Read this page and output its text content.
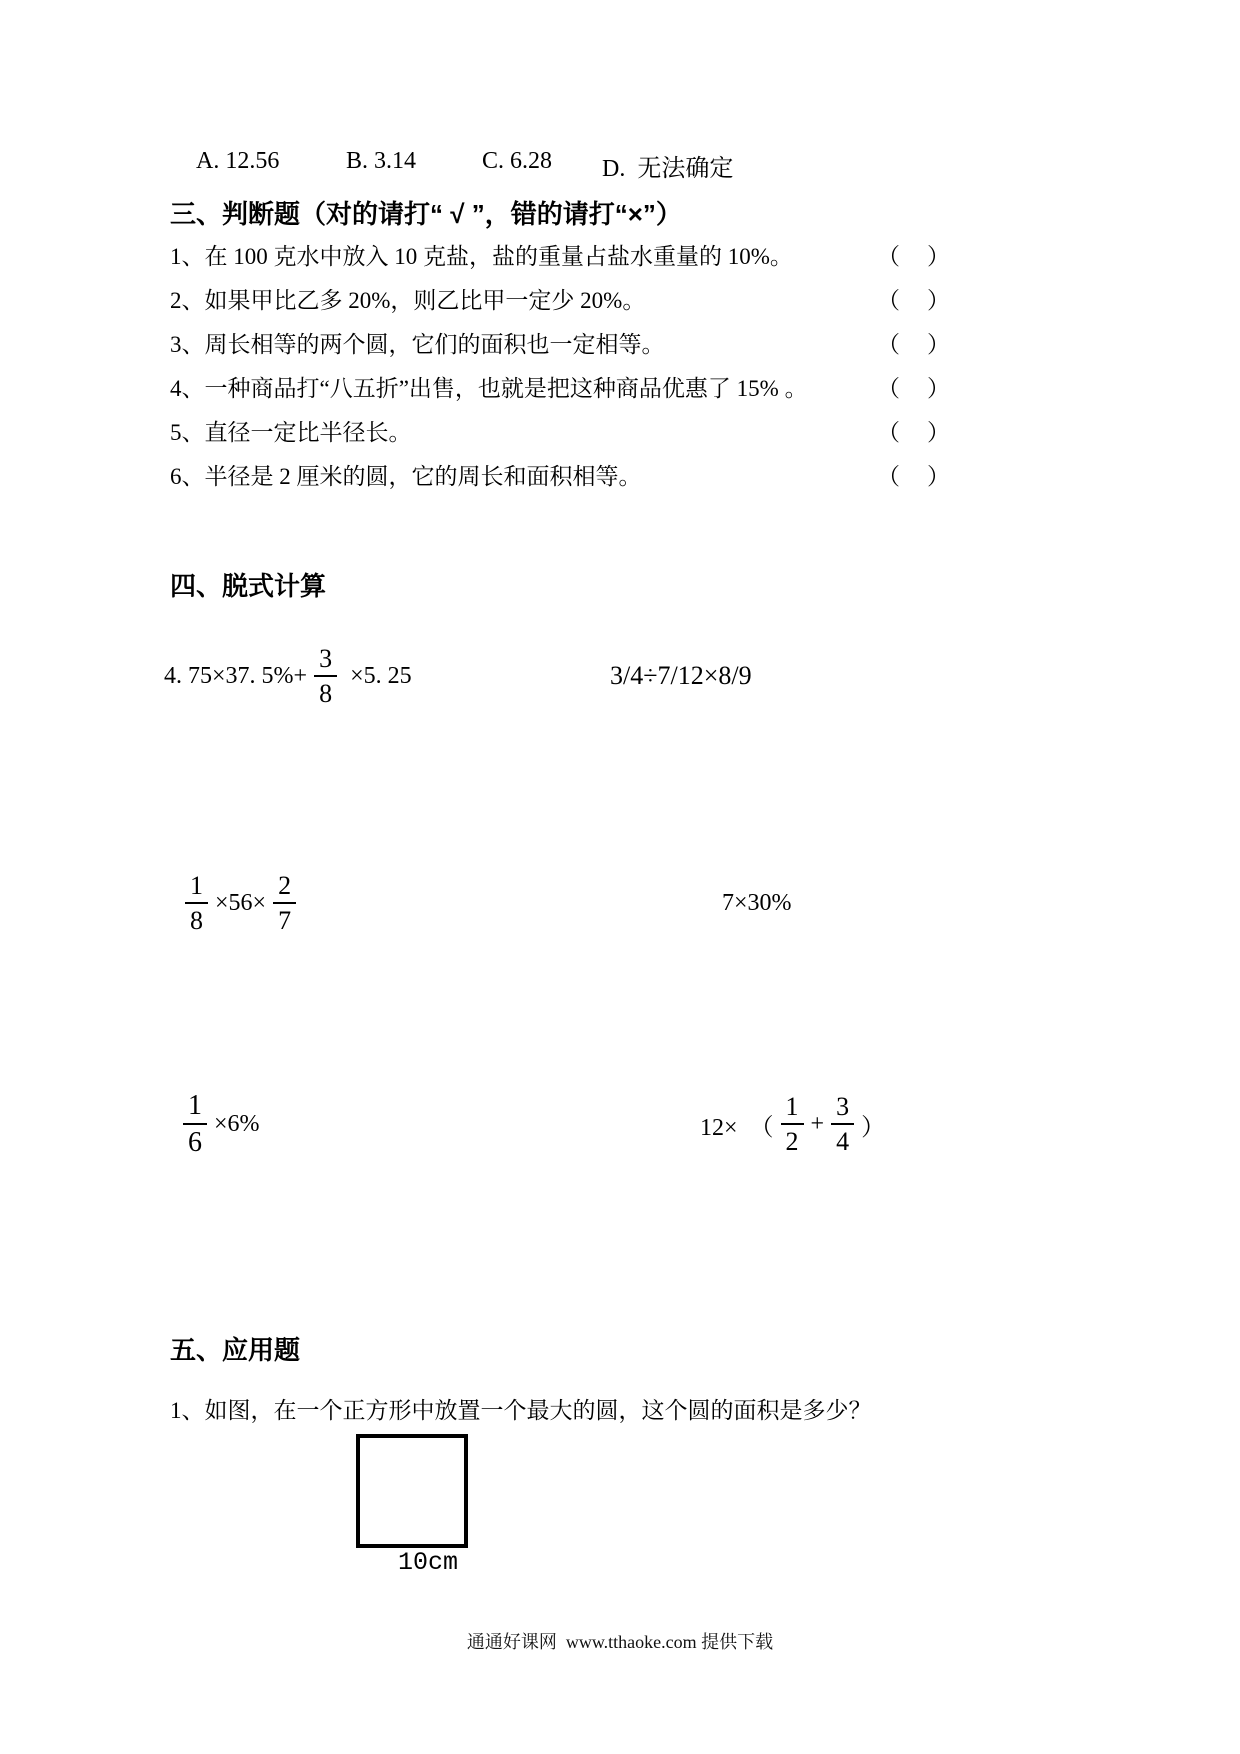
A. 12.56	B. 3.14	C. 6.28 D.  无法确定
三、判断题（对的请打“ √ ”，错的请打“×”）
1、在 100 克水中放入 10 克盐，盐的重量占盐水重量的 10%。	（　）
2、如果甲比乙多 20%，则乙比甲一定少 20%。	（　）
3、周长相等的两个圆，它们的面积也一定相等。	（　）
4、一种商品打“八五折”出售，也就是把这种商品优惠了 15% 。	（　）
5、直径一定比半径长。	（　）
6、半径是 2 厘米的圆，它的周长和面积相等。	（　）
四、脱式计算
4. 75×37. $5\%+ \frac{3}{8} \times 5$. 25	3/4÷7/12×8/9
$\frac{1}{8} \times 56\times \frac{2}{7}$	7×30%
$\frac{1}{6} \times 6\%$	12×  （ $\frac{1}{2} + \frac{3}{4}$ ）
五、应用题
1、如图，在一个正方形中放置一个最大的圆，这个圆的面积是多少？
10cm
通通好课网  www.tthaoke.com 提供下载
